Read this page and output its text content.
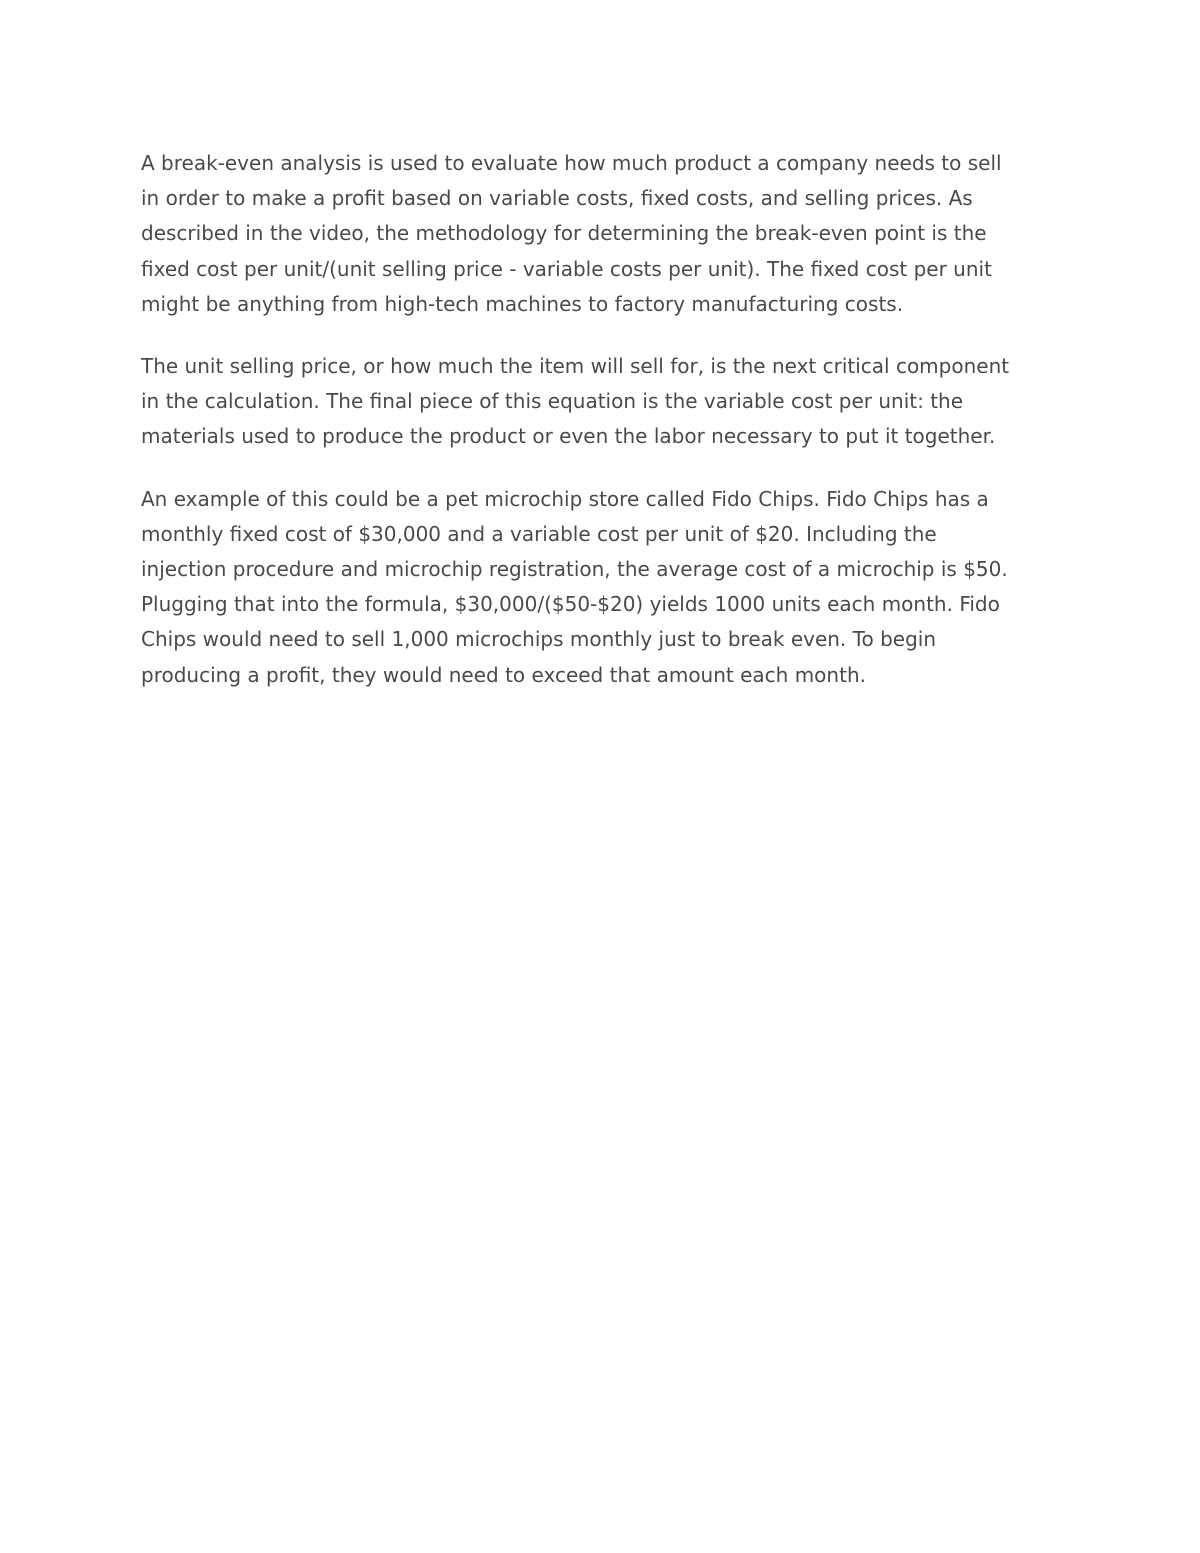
A break-even analysis is used to evaluate how much product a company needs to sell
in order to make a profit based on variable costs, fixed costs, and selling prices. As
described in the video, the methodology for determining the break-even point is the
fixed cost per unit/(unit selling price - variable costs per unit). The fixed cost per unit
might be anything from high-tech machines to factory manufacturing costs.

The unit selling price, or how much the item will sell for, is the next critical component
in the calculation. The final piece of this equation is the variable cost per unit: the
materials used to produce the product or even the labor necessary to put it together.

An example of this could be a pet microchip store called Fido Chips. Fido Chips has a
monthly fixed cost of $30,000 and a variable cost per unit of $20. Including the
injection procedure and microchip registration, the average cost of a microchip is $50.
Plugging that into the formula, $30,000/($50-$20) yields 1000 units each month. Fido
Chips would need to sell 1,000 microchips monthly just to break even. To begin
producing a profit, they would need to exceed that amount each month.
